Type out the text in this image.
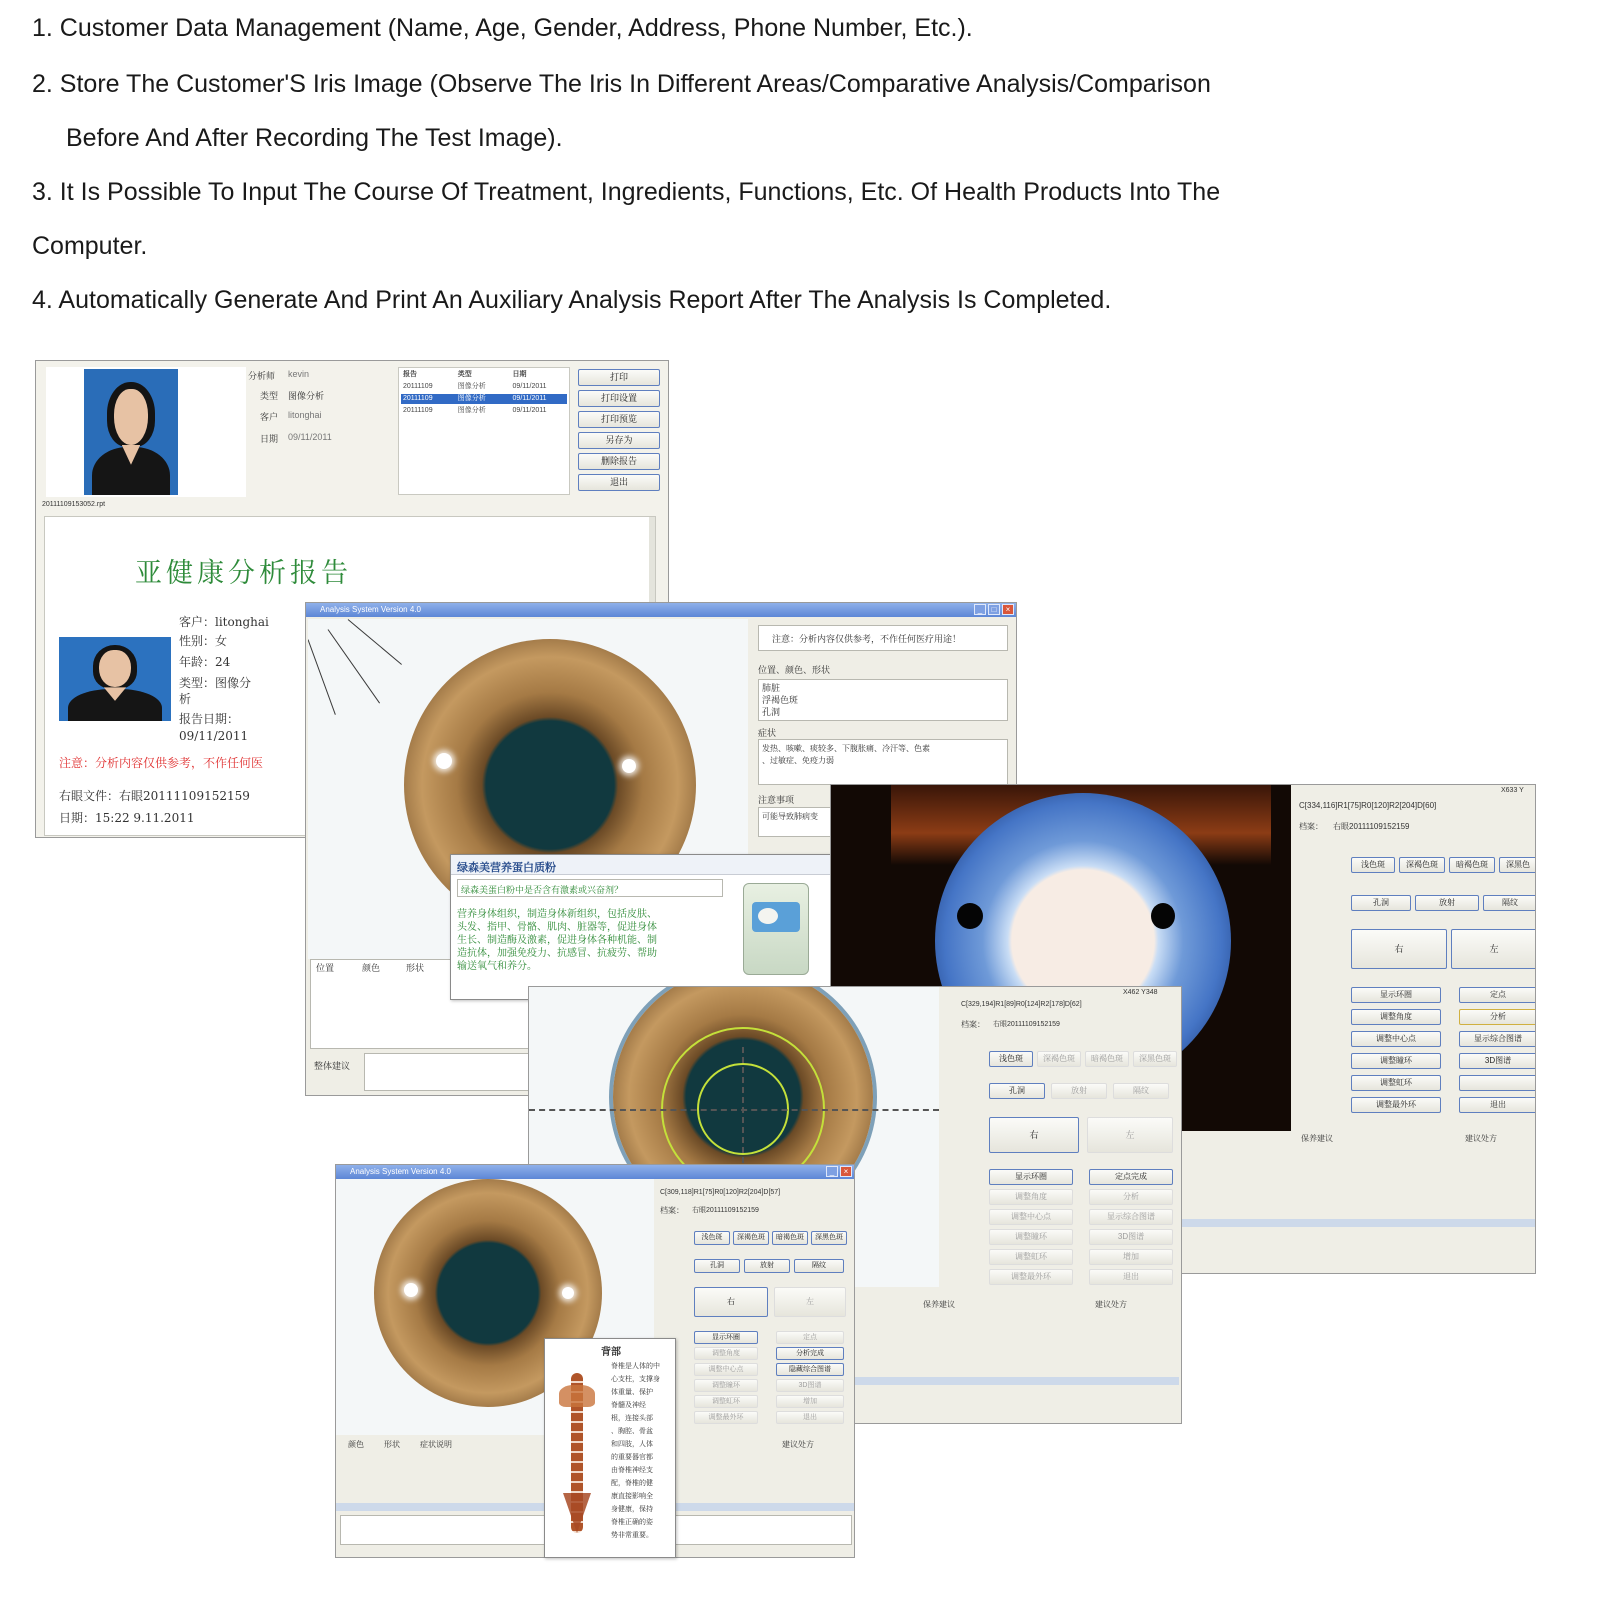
1. Customer Data Management (Name, Age, Gender, Address, Phone Number, Etc.).
2. Store The Customer'S Iris Image (Observe The Iris In Different Areas/Comparative Analysis/Comparison
Before And After Recording The Test Image).
3. It Is Possible To Input The Course Of Treatment, Ingredients, Functions, Etc. Of Health Products Into The
Computer.
4. Automatically Generate And Print An Auxiliary Analysis Report After The Analysis Is Completed.
20111109153052.rpt
分析师 kevin
类型 图像分析
客户 litonghai
日期 09/11/2011
报告	类型	日期
20111109	图像分析	09/11/2011
20111109	图像分析	09/11/2011
20111109	图像分析	09/11/2011
打印
打印设置
打印预览
另存为
删除报告
退出
亚健康分析报告
客户：litonghai
性别：女
年龄：24
类型：图像分
析
报告日期：
09/11/2011
注意：分析内容仅供参考，不作任何医
右眼文件：右眼20111109152159
日期：15:22 9.11.2011
Analysis System Version 4.0	_	□	×
注意：分析内容仅供参考，不作任何医疗用途！
位置、颜色、形状
肺脏
浮褐色斑
孔洞
症状
发热、咳嗽、痰较多、下腹胀痛、冷汗等、色素
、过敏症、免疫力弱
注意事项
可能导致肺病变
位置	颜色	形状
整体建议
绿森美营养蛋白质粉
绿森美蛋白粉中是否含有激素或兴奋剂？
营养身体组织，制造身体新组织，包括皮肤、
头发、指甲、骨骼、肌肉、脏器等，促进身体
生长、制造酶及激素，促进身体各种机能、制
造抗体，加强免疫力、抗感冒、抗疲劳、帮助
输送氧气和养分。
X633 Y
C[334,116]R1[75]R0[120]R2[204]D[60]
档案： 右眼20111109152159
浅色斑	深褐色斑	暗褐色斑	深黑色
孔洞	放射	隔纹
右	左
显示环圈
调整角度
调整中心点
调整瞳环
调整虹环
调整最外环
定点
分析
显示综合图谱
3D图谱
退出
保养建议	建议处方
X462 Y348
C[329,194]R1[89]R0[124]R2[178]D[62]
档案： 右眼20111109152159
浅色斑	深褐色斑	暗褐色斑	深黑色斑
孔洞	放射	隔纹
右	左
显示环圈
调整角度
调整中心点
调整瞳环
调整虹环
调整最外环
定点完成
分析
显示综合图谱
3D图谱
增加
退出
保养建议	建议处方
Analysis System Version 4.0	_	×
C[309,118]R1[75]R0[120]R2[204]D[57]
档案： 右眼20111109152159
浅色斑	深褐色斑	暗褐色斑	深黑色斑
孔洞	放射	隔纹
右	左
显示环圈
调整角度
调整中心点
调整瞳环
调整虹环
调整最外环
定点
分析完成
隐藏综合图谱
3D图谱
增加
退出
颜色	形状	症状说明	建议处方
背部
脊椎是人体的中
心支柱，支撑身
体重量、保护
脊髓及神经
根，连接头部
、胸腔、骨盆
和四肢，人体
的重要器官都
由脊椎神经支
配，脊椎的健
康直接影响全
身健康，保持
脊椎正确的姿
势非常重要。
